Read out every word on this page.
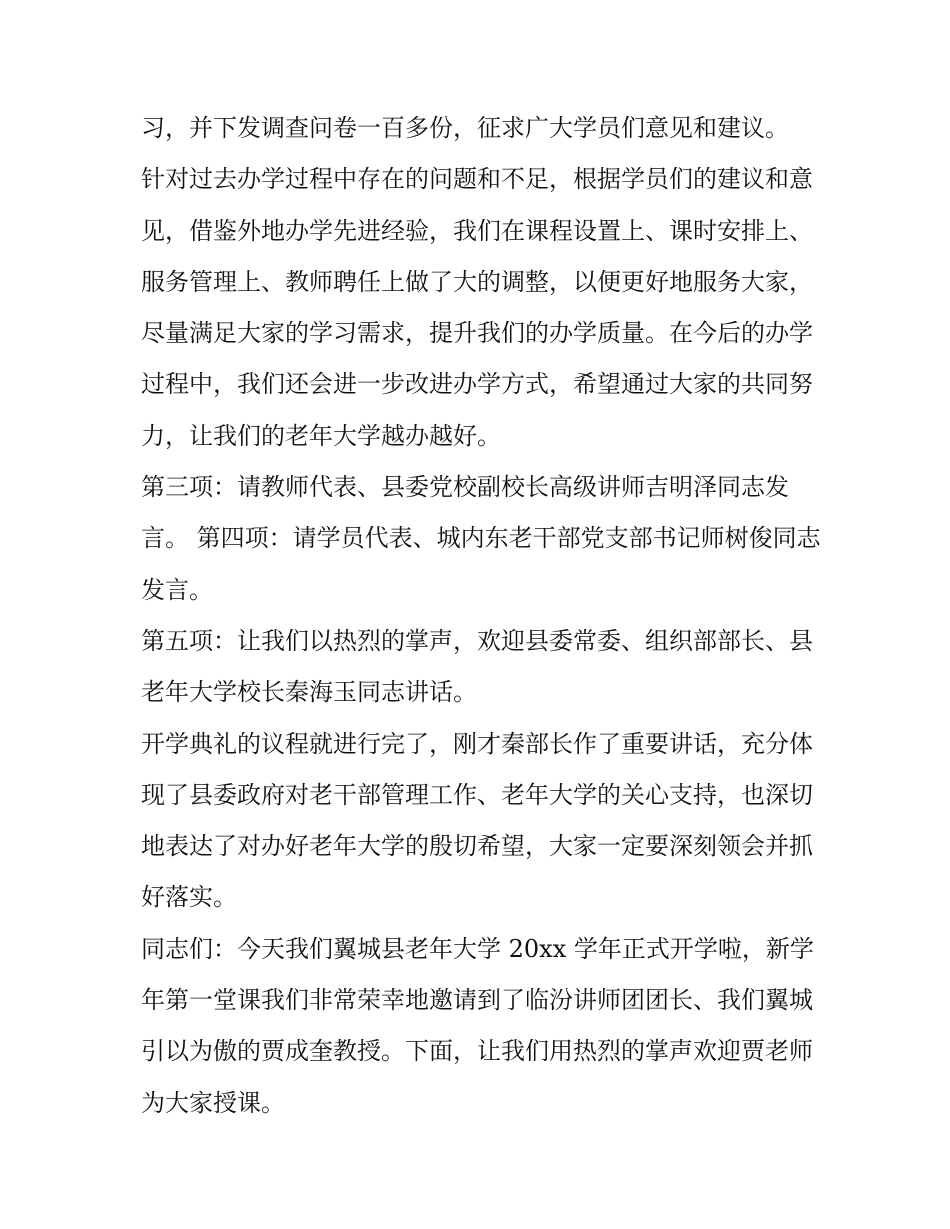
习，并下发调查问卷一百多份，征求广大学员们意见和建议。

针对过去办学过程中存在的问题和不足，根据学员们的建议和意见，借鉴外地办学先进经验，我们在课程设置上、课时安排上、服务管理上、教师聘任上做了大的调整，以便更好地服务大家，尽量满足大家的学习需求，提升我们的办学质量。在今后的办学过程中，我们还会进一步改进办学方式，希望通过大家的共同努力，让我们的老年大学越办越好。

第三项：请教师代表、县委党校副校长高级讲师吉明泽同志发言。 第四项：请学员代表、城内东老干部党支部书记师树俊同志发言。

第五项：让我们以热烈的掌声，欢迎县委常委、组织部部长、县老年大学校长秦海玉同志讲话。

开学典礼的议程就进行完了，刚才秦部长作了重要讲话，充分体现了县委政府对老干部管理工作、老年大学的关心支持，也深切地表达了对办好老年大学的殷切希望，大家一定要深刻领会并抓好落实。

同志们：今天我们翼城县老年大学 20xx 学年正式开学啦，新学年第一堂课我们非常荣幸地邀请到了临汾讲师团团长、我们翼城引以为傲的贾成奎教授。下面，让我们用热烈的掌声欢迎贾老师为大家授课。
